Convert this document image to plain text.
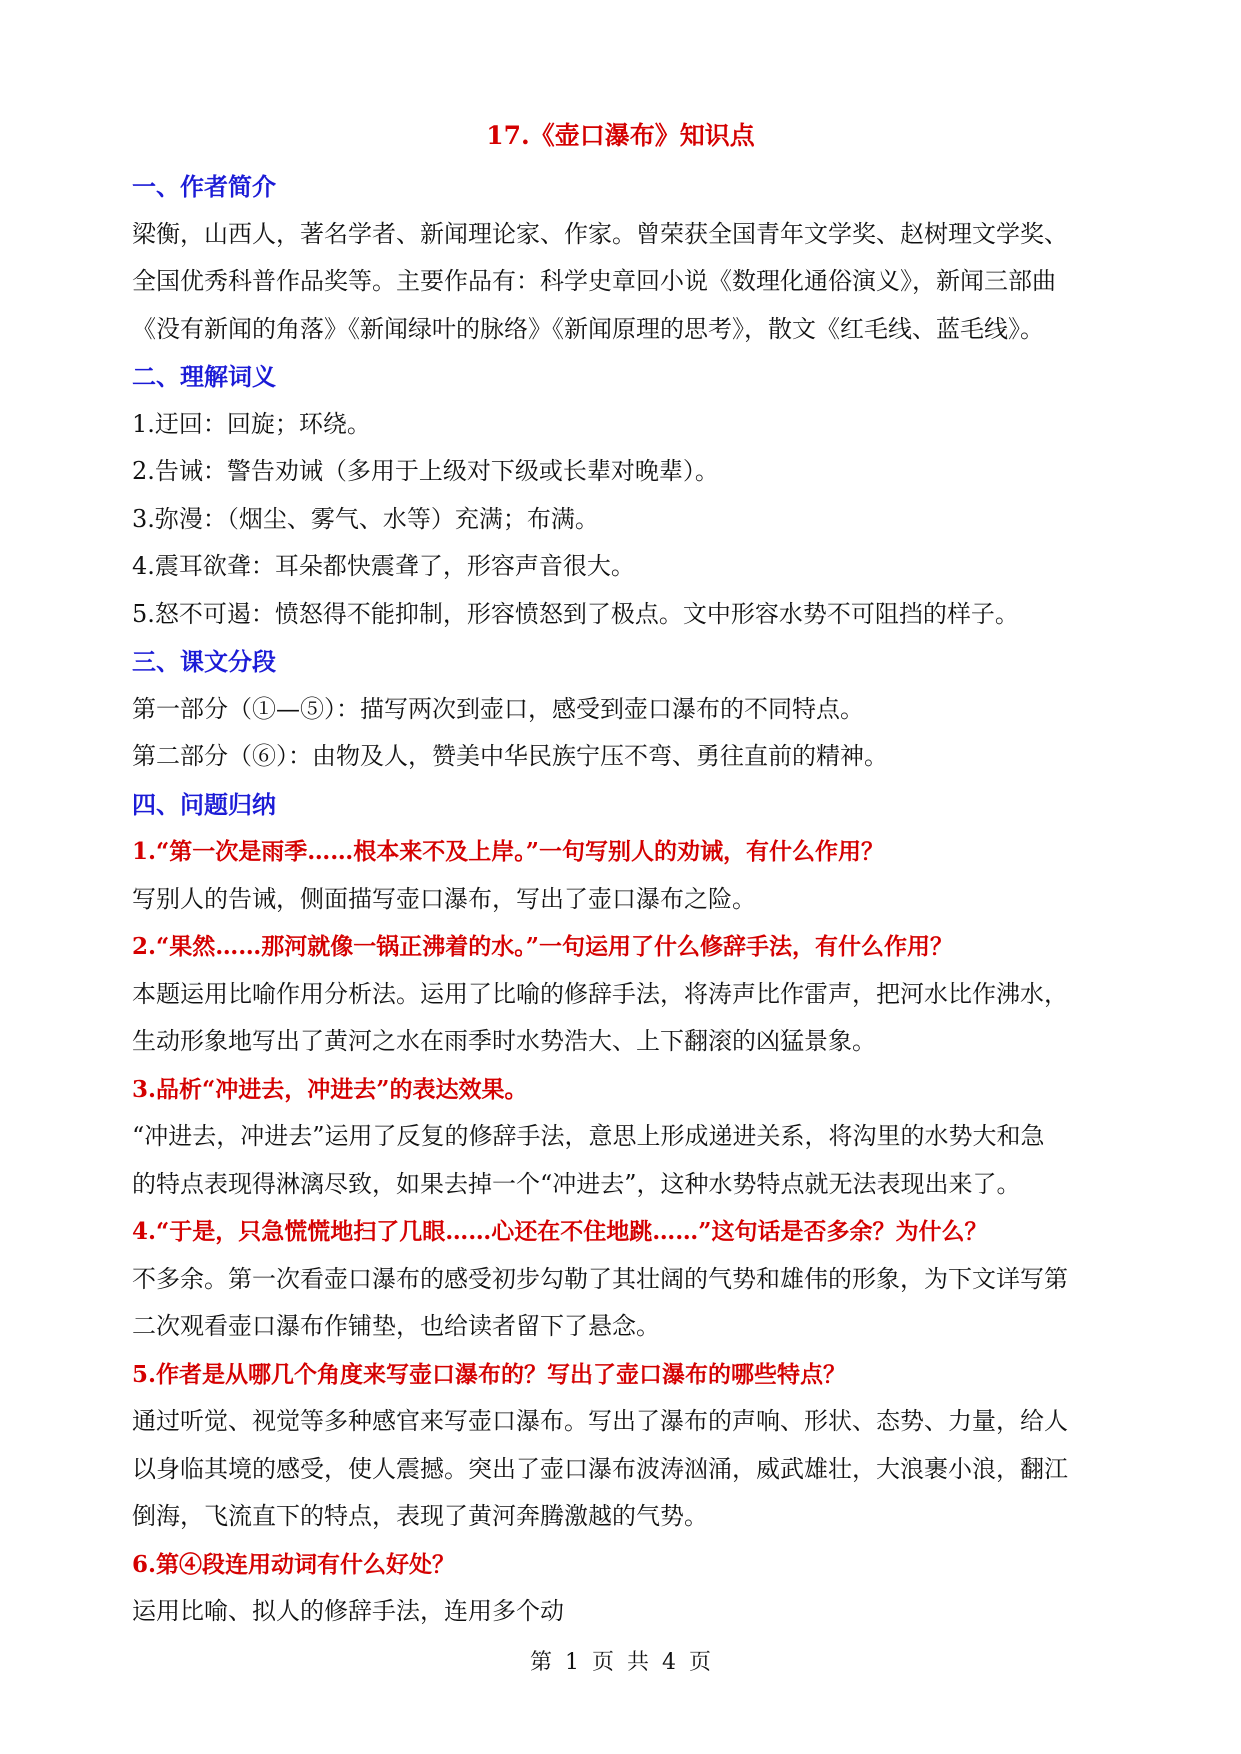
17.《壶口瀑布》知识点
一、作者简介
梁衡，山西人，著名学者、新闻理论家、作家。曾荣获全国青年文学奖、赵树理文学奖、
全国优秀科普作品奖等。主要作品有：科学史章回小说《数理化通俗演义》，新闻三部曲
《没有新闻的角落》《新闻绿叶的脉络》《新闻原理的思考》，散文《红毛线、蓝毛线》。
二、理解词义
1.迂回：回旋；环绕。
2.告诫：警告劝诫（多用于上级对下级或长辈对晚辈）。
3.弥漫：（烟尘、雾气、水等）充满；布满。
4.震耳欲聋：耳朵都快震聋了，形容声音很大。
5.怒不可遏：愤怒得不能抑制，形容愤怒到了极点。文中形容水势不可阻挡的样子。
三、课文分段
第一部分（①—⑤）：描写两次到壶口，感受到壶口瀑布的不同特点。
第二部分（⑥）：由物及人，赞美中华民族宁压不弯、勇往直前的精神。
四、问题归纳
1.“第一次是雨季……根本来不及上岸。”一句写别人的劝诫，有什么作用？
写别人的告诫，侧面描写壶口瀑布，写出了壶口瀑布之险。
2.“果然……那河就像一锅正沸着的水。”一句运用了什么修辞手法，有什么作用？
本题运用比喻作用分析法。运用了比喻的修辞手法，将涛声比作雷声，把河水比作沸水，
生动形象地写出了黄河之水在雨季时水势浩大、上下翻滚的凶猛景象。
3.品析“冲进去，冲进去”的表达效果。
“冲进去，冲进去”运用了反复的修辞手法，意思上形成递进关系，将沟里的水势大和急
的特点表现得淋漓尽致，如果去掉一个“冲进去”，这种水势特点就无法表现出来了。
4.“于是，只急慌慌地扫了几眼……心还在不住地跳……”这句话是否多余？为什么？
不多余。第一次看壶口瀑布的感受初步勾勒了其壮阔的气势和雄伟的形象，为下文详写第
二次观看壶口瀑布作铺垫，也给读者留下了悬念。
5.作者是从哪几个角度来写壶口瀑布的？写出了壶口瀑布的哪些特点？
通过听觉、视觉等多种感官来写壶口瀑布。写出了瀑布的声响、形状、态势、力量，给人
以身临其境的感受，使人震撼。突出了壶口瀑布波涛汹涌，威武雄壮，大浪裹小浪，翻江
倒海，飞流直下的特点，表现了黄河奔腾激越的气势。
6.第④段连用动词有什么好处？
运用比喻、拟人的修辞手法，连用多个动
第 1 页 共 4 页
